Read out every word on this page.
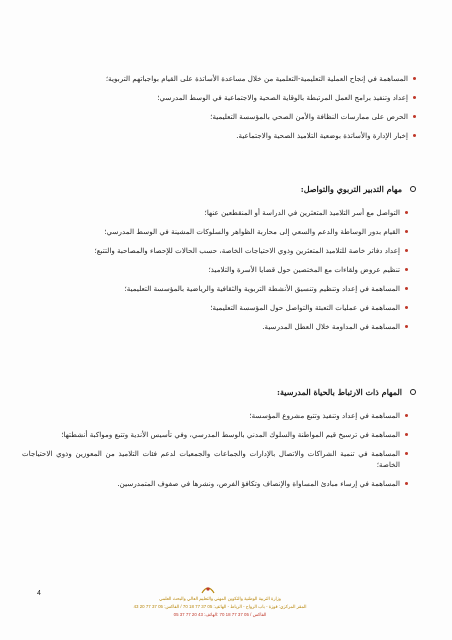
المساهمة في إنجاح العملية التعليمية-التعلمية من خلال مساعدة الأساتذة على القيام بواجباتهم التربوية؛
إعداد وتنفيذ برامج العمل المرتبطة بالوقاية الصحية والاجتماعية في الوسط المدرسي؛
الحرص على ممارسات النظافة والأمن الصحي بالمؤسسة التعليمية؛
إخبار الإدارة والأساتذة بوضعية التلاميذ الصحية والاجتماعية.
مهام التدبير التربوي والتواصل:
التواصل مع أسر التلاميذ المتعثرين في الدراسة أو المنقطعين عنها؛
القيام بدور الوساطة والدعم والسعي إلى محاربة الظواهر والسلوكات المشينة في الوسط المدرسي؛
إعداد دفاتر خاصة للتلاميذ المتعثرين وذوي الاحتياجات الخاصة، حسب الحالات للإحصاء والمصاحبة والتتبع؛
تنظيم عروض ولقاءات مع المختصين حول قضايا الأسرة والتلاميذ؛
المساهمة في إعداد وتنظيم وتنسيق الأنشطة التربوية والثقافية والرياضية بالمؤسسة التعليمية؛
المساهمة في عمليات التعبئة والتواصل حول المؤسسة التعليمية؛
المساهمة في المداومة خلال العطل المدرسية.
المهام ذات الارتباط بالحياة المدرسية:
المساهمة في إعداد وتنفيذ وتتبع مشروع المؤسسة؛
المساهمة في ترسيخ قيم المواطنة والسلوك المدني بالوسط المدرسي، وفي تأسيس الأندية وتتبع ومواكبة أنشطتها؛
المساهمة في تنمية الشراكات والاتصال بالإدارات والجماعات والجمعيات لدعم فئات التلاميذ من المعوزين وذوي الاحتياجات الخاصة؛
المساهمة في إرساء مبادئ المساواة والإنصاف وتكافؤ الفرص، ونشرها في صفوف المتمدرسين.
4
وزارة التربية الوطنية والتكوين المهني والتعليم العالي والبحث العلمي
المقر المركزي: قوزة - باب الرواح - الرباط - الهاتف: 05 37 77 18 70 / الفاكس: 05 37 77 20 43
05 37 77 20 43 :الفاكس / 05 37 77 18 70 :الهاتف
